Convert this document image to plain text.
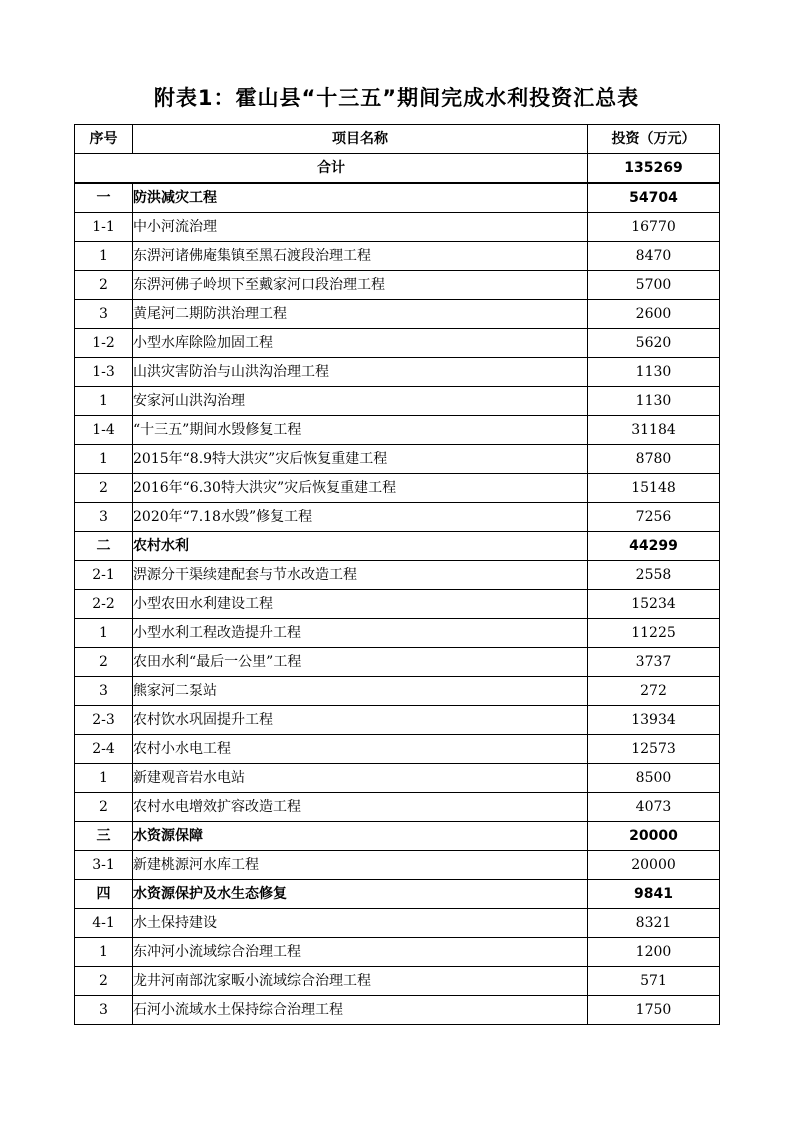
附表1：霍山县“十三五”期间完成水利投资汇总表
序号	项目名称	投资（万元）
合计		135269
一	防洪减灾工程	54704
1-1	中小河流治理	16770
1	东淠河诸佛庵集镇至黑石渡段治理工程	8470
2	东淠河佛子岭坝下至戴家河口段治理工程	5700
3	黄尾河二期防洪治理工程	2600
1-2	小型水库除险加固工程	5620
1-3	山洪灾害防治与山洪沟治理工程	1130
1	安家河山洪沟治理	1130
1-4	“十三五”期间水毁修复工程	31184
1	2015年“8.9特大洪灾”灾后恢复重建工程	8780
2	2016年“6.30特大洪灾”灾后恢复重建工程	15148
3	2020年“7.18水毁”修复工程	7256
二	农村水利	44299
2-1	淠源分干渠续建配套与节水改造工程	2558
2-2	小型农田水利建设工程	15234
1	小型水利工程改造提升工程	11225
2	农田水利“最后一公里”工程	3737
3	熊家河二泵站	272
2-3	农村饮水巩固提升工程	13934
2-4	农村小水电工程	12573
1	新建观音岩水电站	8500
2	农村水电增效扩容改造工程	4073
三	水资源保障	20000
3-1	新建桃源河水库工程	20000
四	水资源保护及水生态修复	9841
4-1	水土保持建设	8321
1	东冲河小流域综合治理工程	1200
2	龙井河南部沈家畈小流域综合治理工程	571
3	石河小流域水土保持综合治理工程	1750
